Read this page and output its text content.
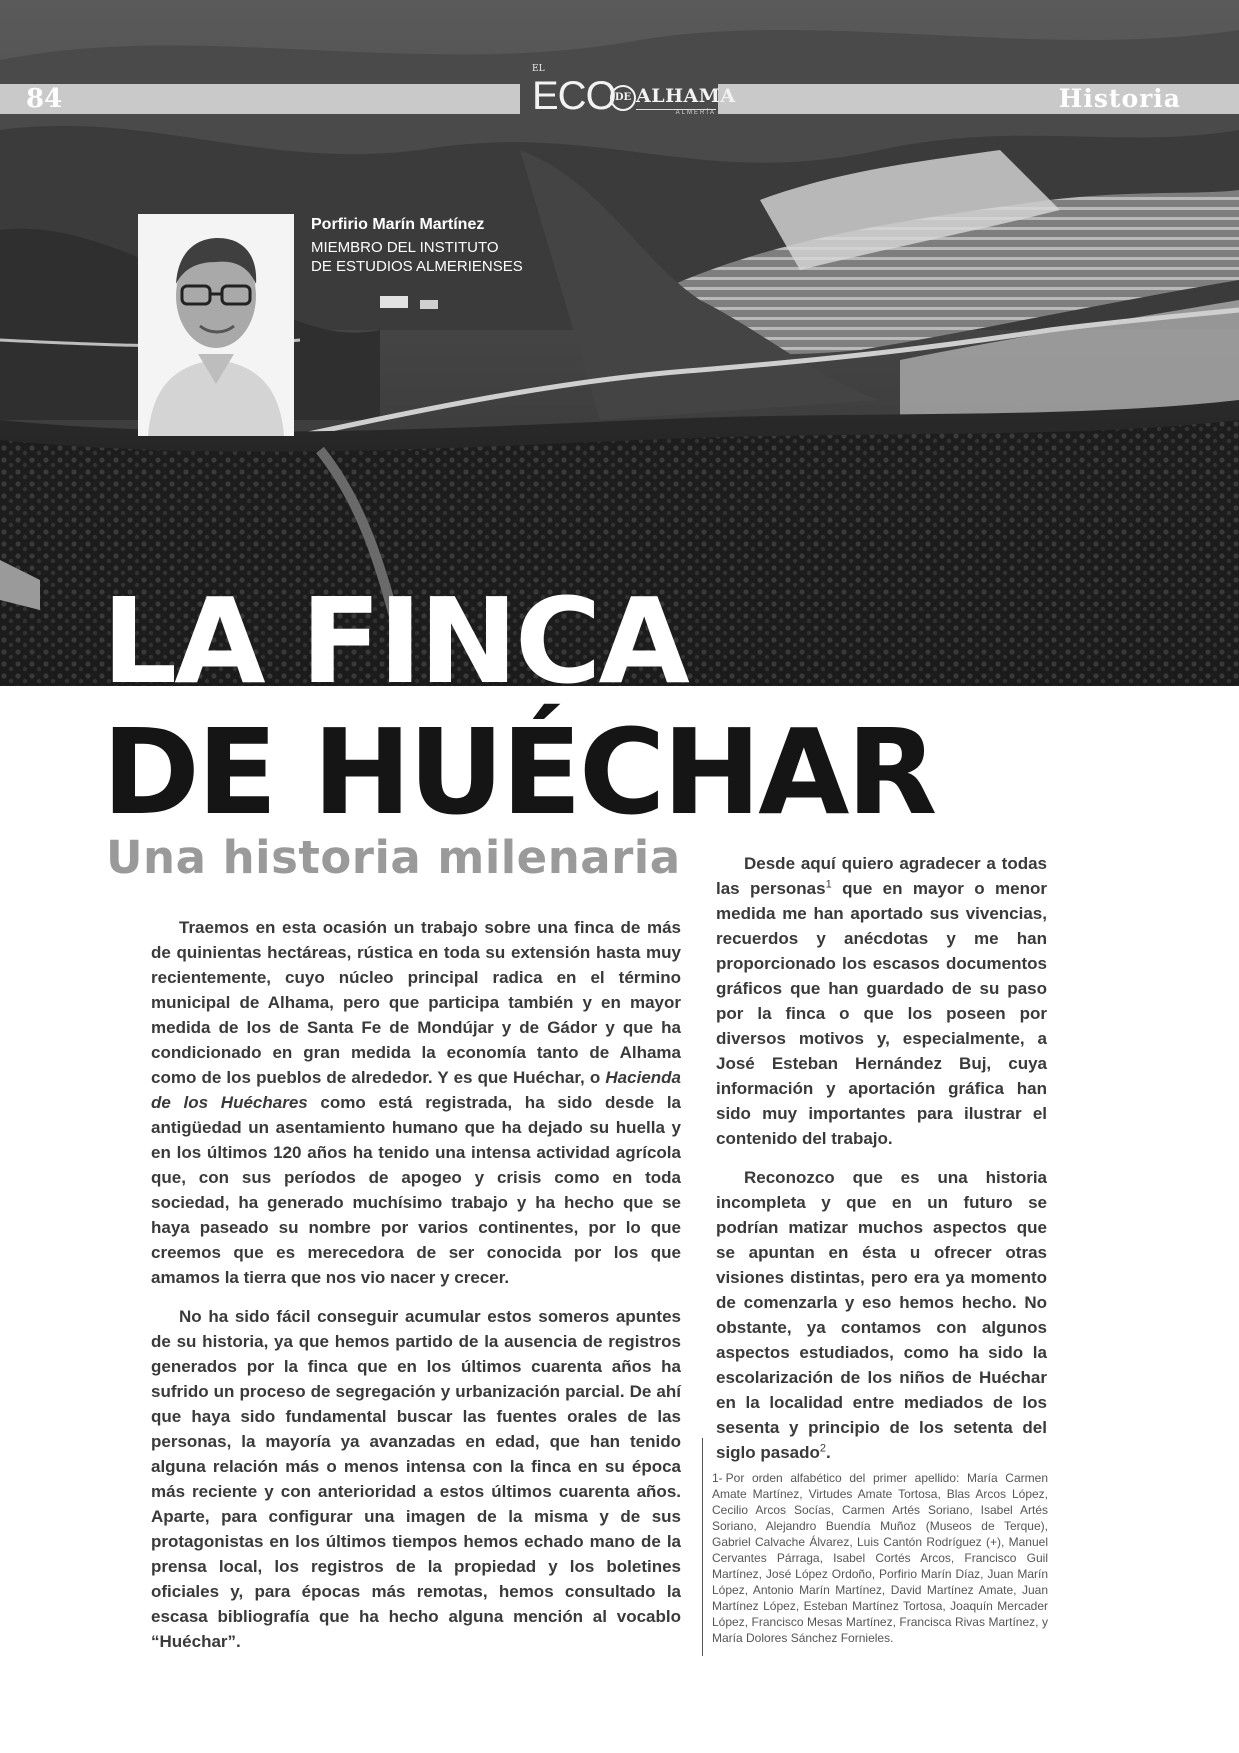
84	Historia
EL
ECO DE ALHAMA
ALMERÍA
Porfirio Marín Martínez
MIEMBRO DEL INSTITUTO
DE ESTUDIOS ALMERIENSES
LA FINCA
DE HUÉCHAR
Una historia milenaria

Traemos en esta ocasión un trabajo sobre una finca de más de quinientas hectáreas, rústica en toda su extensión hasta muy recientemente, cuyo núcleo principal radica en el término municipal de Alhama, pero que participa también y en mayor medida de los de Santa Fe de Mondújar y de Gádor y que ha condicionado en gran medida la economía tanto de Alhama como de los pueblos de alrededor. Y es que Huéchar, o Hacienda de los Huéchares como está registrada, ha sido desde la antigüedad un asentamiento humano que ha dejado su huella y en los últimos 120 años ha tenido una intensa actividad agrícola que, con sus períodos de apogeo y crisis como en toda sociedad, ha generado muchísimo trabajo y ha hecho que se haya paseado su nombre por varios continentes, por lo que creemos que es merecedora de ser conocida por los que amamos la tierra que nos vio nacer y crecer.

No ha sido fácil conseguir acumular estos someros apuntes de su historia, ya que hemos partido de la ausencia de registros generados por la finca que en los últimos cuarenta años ha sufrido un proceso de segregación y urbanización parcial. De ahí que haya sido fundamental buscar las fuentes orales de las personas, la mayoría ya avanzadas en edad, que han tenido alguna relación más o menos intensa con la finca en su época más reciente y con anterioridad a estos últimos cuarenta años. Aparte, para configurar una imagen de la misma y de sus protagonistas en los últimos tiempos hemos echado mano de la prensa local, los registros de la propiedad y los boletines oficiales y, para épocas más remotas, hemos consultado la escasa bibliografía que ha hecho alguna mención al vocablo “Huéchar”.

Desde aquí quiero agradecer a todas las personas$^1$ que en mayor o menor medida me han aportado sus vivencias, recuerdos y anécdotas y me han proporcionado los escasos documentos gráficos que han guardado de su paso por la finca o que los poseen por diversos motivos y, especialmente, a José Esteban Hernández Buj, cuya información y aportación gráfica han sido muy importantes para ilustrar el contenido del trabajo.

Reconozco que es una historia incompleta y que en un futuro se podrían matizar muchos aspectos que se apuntan en ésta u ofrecer otras visiones distintas, pero era ya momento de comenzarla y eso hemos hecho. No obstante, ya contamos con algunos aspectos estudiados, como ha sido la escolarización de los niños de Huéchar en la localidad entre mediados de los sesenta y principio de los setenta del siglo pasado$^2$.

1- Por orden alfabético del primer apellido: María Carmen Amate Martínez, Virtudes Amate Tortosa, Blas Arcos López, Cecilio Arcos Socías, Carmen Artés Soriano, Isabel Artés Soriano, Alejandro Buendía Muñoz (Museos de Terque), Gabriel Calvache Álvarez, Luis Cantón Rodríguez (+), Manuel Cervantes Párraga, Isabel Cortés Arcos, Francisco Guil Martínez, José López Ordoño, Porfirio Marín Díaz, Juan Marín López, Antonio Marín Martínez, David Martínez Amate, Juan Martínez López, Esteban Martínez Tortosa, Joaquín Mercader López, Francisco Mesas Martínez, Francisca Rivas Martínez, y María Dolores Sánchez Fornieles.
